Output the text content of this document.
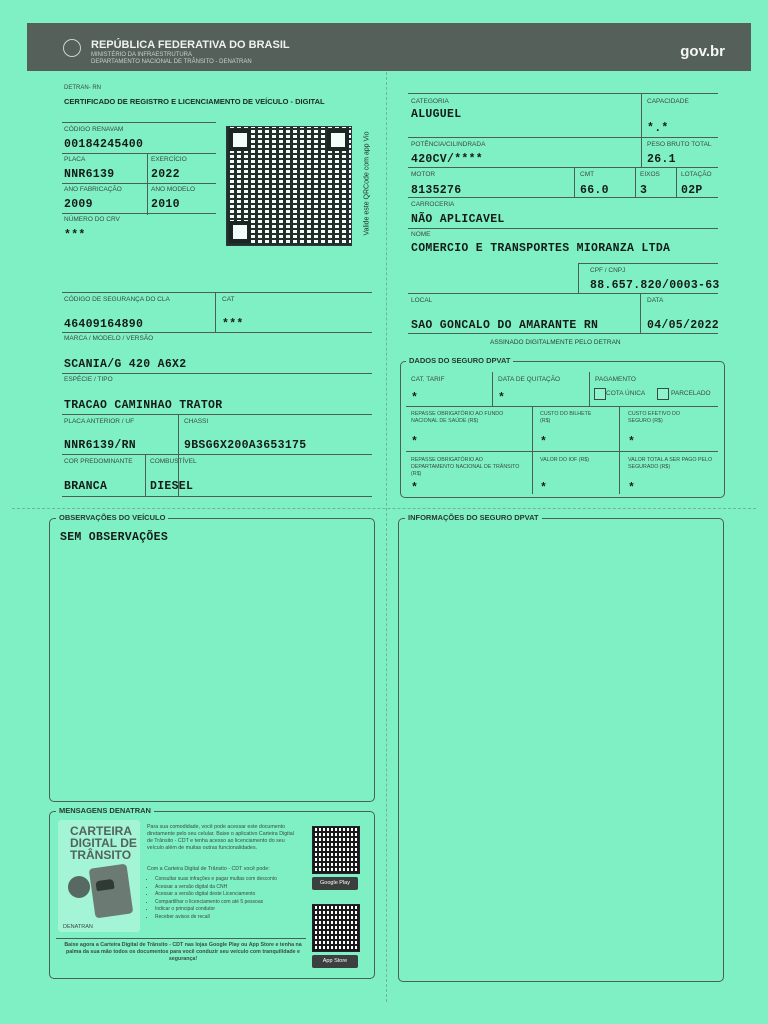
REPÚBLICA FEDERATIVA DO BRASIL
MINISTÉRIO DA INFRAESTRUTURA
DEPARTAMENTO NACIONAL DE TRÂNSITO - DENATRAN
gov.br
DETRAN- RN
CERTIFICADO DE REGISTRO E LICENCIAMENTO DE VEÍCULO - DIGITAL
CÓDIGO RENAVAM
00184245400
PLACA
NNR6139
EXERCÍCIO
2022
ANO FABRICAÇÃO
2009
ANO MODELO
2010
NÚMERO DO CRV
***	Valide este QRCode com app Vio
CÓDIGO DE SEGURANÇA DO CLA
46409164890
CAT
***
MARCA / MODELO / VERSÃO
SCANIA/G 420 A6X2
ESPÉCIE / TIPO
TRACAO CAMINHAO TRATOR
PLACA ANTERIOR / UF
NNR6139/RN
CHASSI
9BSG6X200A3653175
COR PREDOMINANTE
BRANCA
COMBUSTÍVEL
DIESEL
CATEGORIA
ALUGUEL
CAPACIDADE
*.*
POTÊNCIA/CILINDRADA
420CV/****
PESO BRUTO TOTAL
26.1
MOTOR
8135276
CMT
66.0
EIXOS
3
LOTAÇÃO
02P
CARROCERIA
NÃO APLICAVEL
NOME
COMERCIO E TRANSPORTES MIORANZA LTDA
CPF / CNPJ
88.657.820/0003-63
LOCAL
SAO GONCALO DO AMARANTE RN
DATA
04/05/2022
ASSINADO DIGITALMENTE PELO DETRAN
DADOS DO SEGURO DPVAT
CAT. TARIF
*
DATA DE QUITAÇÃO
*
PAGAMENTO
COTA ÚNICA	PARCELADO
REPASSE OBRIGATÓRIO AO FUNDO NACIONAL DE SAÚDE (R$)
*
CUSTO DO BILHETE (R$)
*
CUSTO EFETIVO DO SEGURO (R$)
*
REPASSE OBRIGATÓRIO AO DEPARTAMENTO NACIONAL DE TRÂNSITO (R$)
*
VALOR DO IOF (R$)
*
VALOR TOTAL A SER PAGO PELO SEGURADO (R$)
*
OBSERVAÇÕES DO VEÍCULO
SEM OBSERVAÇÕES
INFORMAÇÕES DO SEGURO DPVAT
MENSAGENS DENATRAN
CARTEIRA
DIGITAL DE
TRÂNSITO
DENATRAN
Para sua comodidade, você pode acessar este documento diretamente pelo seu celular. Baixe o aplicativo Carteira Digital de Trânsito - CDT e tenha acesso ao licenciamento do seu veículo além de muitas outras funcionalidades.
Com a Carteira Digital de Trânsito - CDT você pode:
• Consultar suas infrações e pagar multas com desconto
• Acessar a versão digital da CNH
• Acessar a versão digital deste Licenciamento
• Compartilhar o licenciamento com até 5 pessoas
• Indicar o principal condutor
• Receber avisos de recall
Google Play
App Store
Baixe agora a Carteira Digital de Trânsito - CDT nas lojas Google Play ou App Store e tenha na palma da sua mão todos os documentos para você conduzir seu veículo com tranquilidade e segurança!
